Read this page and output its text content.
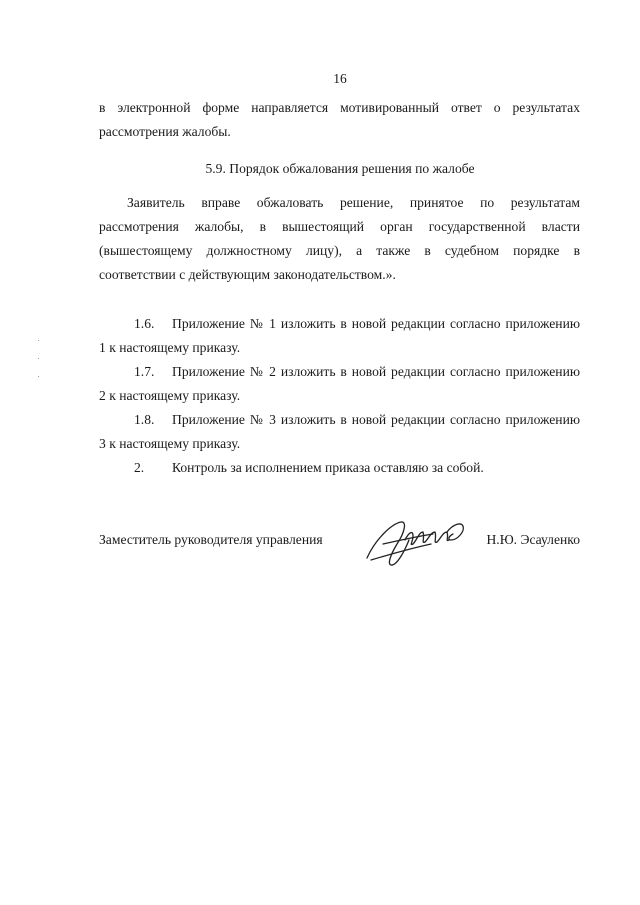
16
в электронной форме направляется мотивированный ответ о результатах
рассмотрения жалобы.
5.9. Порядок обжалования решения по жалобе
Заявитель вправе обжаловать решение, принятое по результатам
рассмотрения жалобы, в вышестоящий орган государственной власти
(вышестоящему должностному лицу), а также в судебном порядке в
соответствии с действующим законодательством.».
1.6.	Приложение № 1 изложить в новой редакции согласно приложению
1 к настоящему приказу.
1.7.	Приложение № 2 изложить в новой редакции согласно приложению
2 к настоящему приказу.
1.8.	Приложение № 3 изложить в новой редакции согласно приложению
3 к настоящему приказу.
2.	Контроль за исполнением приказа оставляю за собой.
Заместитель руководителя управления	Н.Ю. Эсауленко
